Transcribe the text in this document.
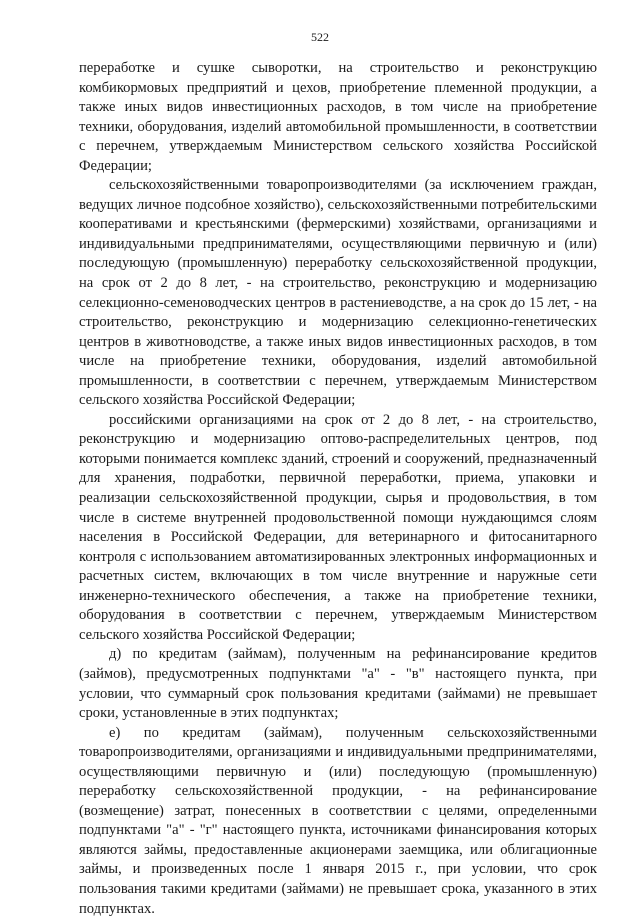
522

переработке и сушке сыворотки, на строительство и реконструкцию комбикормовых предприятий и цехов, приобретение племенной продукции, а также иных видов инвестиционных расходов, в том числе на приобретение техники, оборудования, изделий автомобильной промышленности, в соответствии с перечнем, утверждаемым Министерством сельского хозяйства Российской Федерации;

сельскохозяйственными товаропроизводителями (за исключением граждан, ведущих личное подсобное хозяйство), сельскохозяйственными потребительскими кооперативами и крестьянскими (фермерскими) хозяйствами, организациями и индивидуальными предпринимателями, осуществляющими первичную и (или) последующую (промышленную) переработку сельскохозяйственной продукции, на срок от 2 до 8 лет, - на строительство, реконструкцию и модернизацию селекционно-семеноводческих центров в растениеводстве, а на срок до 15 лет, - на строительство, реконструкцию и модернизацию селекционно-генетических центров в животноводстве, а также иных видов инвестиционных расходов, в том числе на приобретение техники, оборудования, изделий автомобильной промышленности, в соответствии с перечнем, утверждаемым Министерством сельского хозяйства Российской Федерации;

российскими организациями на срок от 2 до 8 лет, - на строительство, реконструкцию и модернизацию оптово-распределительных центров, под которыми понимается комплекс зданий, строений и сооружений, предназначенный для хранения, подработки, первичной переработки, приема, упаковки и реализации сельскохозяйственной продукции, сырья и продовольствия, в том числе в системе внутренней продовольственной помощи нуждающимся слоям населения в Российской Федерации, для ветеринарного и фитосанитарного контроля с использованием автоматизированных электронных информационных и расчетных систем, включающих в том числе внутренние и наружные сети инженерно-технического обеспечения, а также на приобретение техники, оборудования в соответствии с перечнем, утверждаемым Министерством сельского хозяйства Российской Федерации;

д) по кредитам (займам), полученным на рефинансирование кредитов (займов), предусмотренных подпунктами "а" - "в" настоящего пункта, при условии, что суммарный срок пользования кредитами (займами) не превышает сроки, установленные в этих подпунктах;

е) по кредитам (займам), полученным сельскохозяйственными товаропроизводителями, организациями и индивидуальными предпринимателями, осуществляющими первичную и (или) последующую (промышленную) переработку сельскохозяйственной продукции, - на рефинансирование (возмещение) затрат, понесенных в соответствии с целями, определенными подпунктами "а" - "г" настоящего пункта, источниками финансирования которых являются займы, предоставленные акционерами заемщика, или облигационные займы, и произведенных после 1 января 2015 г., при условии, что срок пользования такими кредитами (займами) не превышает срока, указанного в этих подпунктах.
